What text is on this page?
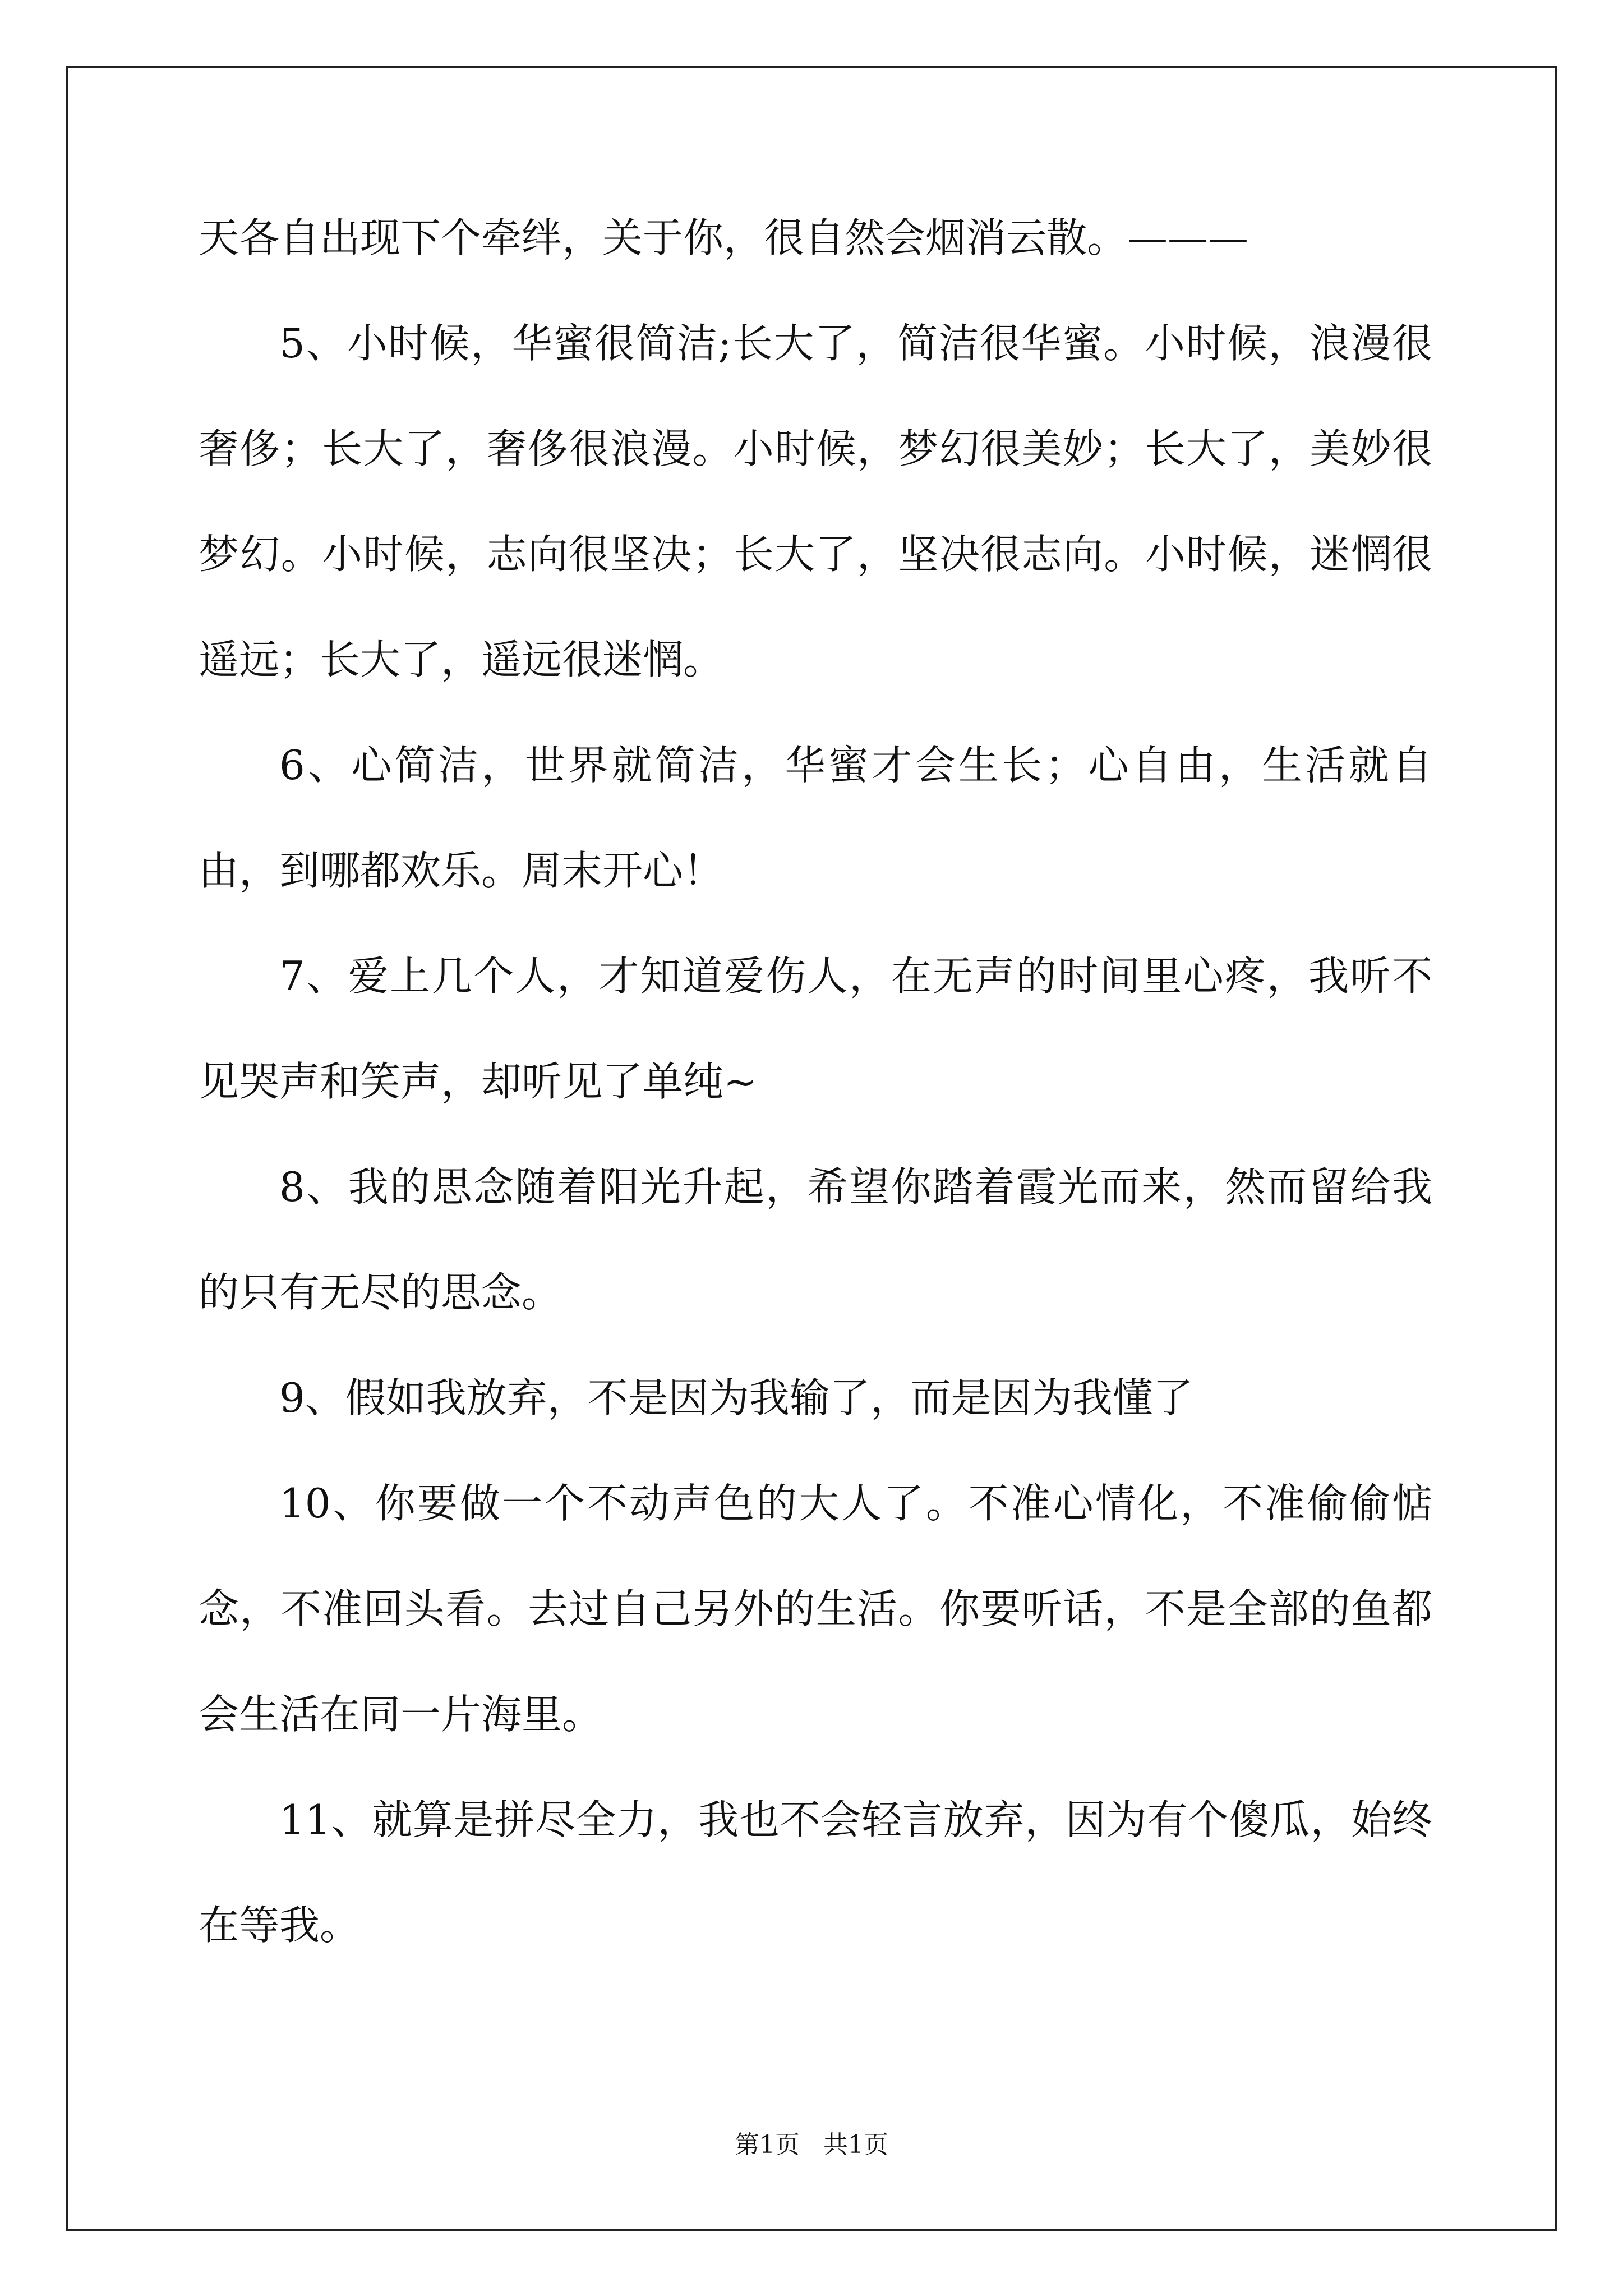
天各自出现下个牵绊，关于你，很自然会烟消云散。———

5、小时候，华蜜很简洁;长大了，简洁很华蜜。小时候，浪漫很奢侈；长大了，奢侈很浪漫。小时候，梦幻很美妙；长大了，美妙很梦幻。小时候，志向很坚决；长大了，坚决很志向。小时候，迷惘很遥远；长大了，遥远很迷惘。

6、心简洁，世界就简洁，华蜜才会生长；心自由，生活就自由，到哪都欢乐。周末开心！

7、爱上几个人，才知道爱伤人，在无声的时间里心疼，我听不见哭声和笑声，却听见了单纯~

8、我的思念随着阳光升起，希望你踏着霞光而来，然而留给我的只有无尽的思念。

9、假如我放弃，不是因为我输了，而是因为我懂了

10、你要做一个不动声色的大人了。不准心情化，不准偷偷惦念，不准回头看。去过自己另外的生活。你要听话，不是全部的鱼都会生活在同一片海里。

11、就算是拼尽全力，我也不会轻言放弃，因为有个傻瓜，始终在等我。

第1页   共1页
